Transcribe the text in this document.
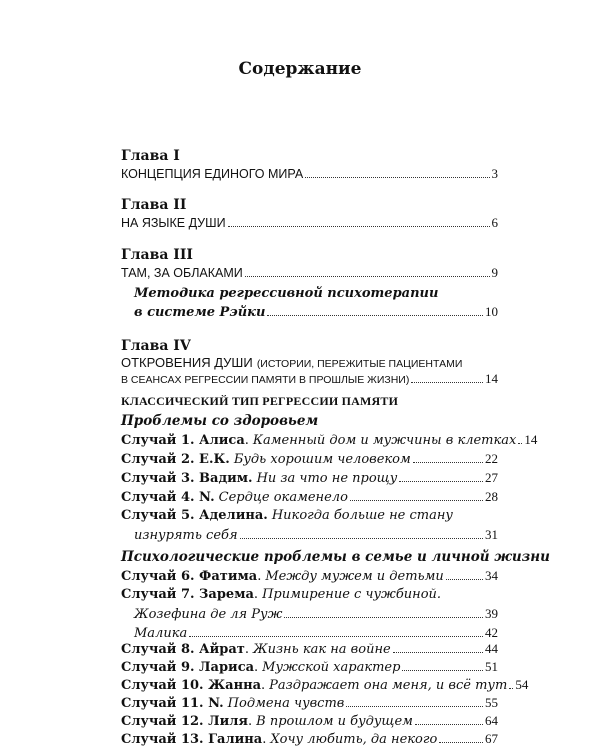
Содержание
Глава I
КОНЦЕПЦИЯ ЕДИНОГО МИРА	3
Глава II
НА ЯЗЫКЕ ДУШИ	6
Глава III
ТАМ, ЗА ОБЛАКАМИ	9
Методика регрессивной психотерапии
в системе Рэйки	10
Глава IV
ОТКРОВЕНИЯ ДУШИ (ИСТОРИИ, ПЕРЕЖИТЫЕ ПАЦИЕНТАМИ
В СЕАНСАХ РЕГРЕССИИ ПАМЯТИ В ПРОШЛЫЕ ЖИЗНИ)	14
КЛАССИЧЕСКИЙ ТИП РЕГРЕССИИ ПАМЯТИ
Проблемы со здоровьем
Случай 1. Алиса . Каменный дом и мужчины в клетках 14
Случай 2. Е.К. Будь хорошим человеком	22
Случай 3. Вадим. Ни за что не прощу	27
Случай 4. N. Сердце окаменело	28
Случай 5. Аделина. Никогда больше не стану
изнурять себя	31
Психологические проблемы в семье и личной жизни
Случай 6. Фатима . Между мужем и детьми	34
Случай 7. Зарема . Примирение с чужбиной.
Жозефина де ля Руж	39
Малика	42
Случай 8. Айрат . Жизнь как на войне	44
Случай 9. Лариса . Мужской характер	51
Случай 10. Жанна . Раздражает она меня, и всё тут 54
Случай 11. N. Подмена чувств	55
Случай 12. Лиля . В прошлом и будущем	64
Случай 13. Галина . Хочу любить, да некого	67
